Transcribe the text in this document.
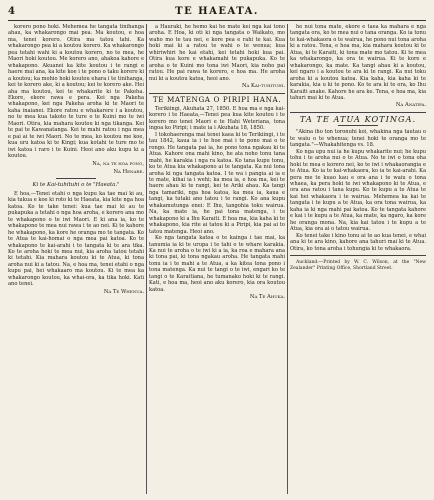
4	TE HAEATA.

korero pono hoki. Mehemea he tangata tinihanga ahau, ka whakarongo mai pea. Ma koutou, e hoa ma, tenei korero. Otira ma tatou tahi. Ka whakarongo pea ki a koutou korero. Ka whakarongo pea tetahi wahi ki a koutou korero, no te mea, he Maori hoki koutou. Me korero ano, ahakoa kahore e whakapono. Akuanei ka kite koutou i te rangi e haere mai ana, ka kite koe i te pono o taku korero ki a koutou; ka mohio hoki koutou ehara i te tinihanga, kei te korero ake, ki a koutou; kei te korero ake. Hei aha ma koutou, kei te whakarite ki te Pakeha. Ekore, ekore rawa e pera. Kei nga Pakeha whakapono, kei nga Pakeha aroha ki te Maori te kaha inaianei. Ekore ratou e whakarere i a koutou, no te mea kua takoto te ture o te Kuini mo te iwi Maori. Otira, kia mahara koutou ki nga tikanga. Kei te pai te Kawanatanga. Kei te mahi ratou i nga mea e pai ai te iwi Maori. No te mea, ko koutou me koe, kua uru katoa ki te Kingi; kua kotahi te ture mo te iwi katoa i raro i te Kuini. Heoi ano aku kupu ki a koutou.

Na, na te hoa pono,
Na Henare.
Ki te Kai-tuhituhi o te "Haeata."

E hoa,—Tenei etahi o nga kupu ka tae mai ki au, kia tukua e koe ki roto ki te Haeata, kia kite nga hoa katoa. Ko te take tenei: kua tae mai ki au te pukapuka a tetahi o nga hoa aroha, e korero ana mo te whakapono o te iwi Maori. E ki ana ia, ko te whakapono te mea nui rawa i te ao nei. Ki te kahore he whakapono, ka kore he oranga mo te tangata. Ko te Atua te kai-homai o nga mea pai katoa. Ko te whakapono te kai-arahi i te tangata ki te ara tika. Ko te aroha hoki te mea nui, kia aroha tatou tetahi ki tetahi. Kia mahara koutou ki te Atua, ki tona aroha nui ki a tatou. Na, e hoa ma, tenei etahi o nga kupu pai, hei whakaaro ma koutou. Ki te mea ka whakarongo koutou, ka whai-ora, ka tika hoki. Kati ano tenei.

Na Te Whenua.

a Hauraki, he hemo kai he mate kei nga kai tono aroha. E Hoa, ki oti ki nga tangata o Waikato, mo waho mo te tau nei, e kore pea e rahi te kai. Kua hoki mai ki a ratou te wahi o te wenua; kua whiriwhiri he kai etahi, kei tetahi hoki kua pai. Otira kua kore e whakamahi te pukapuka. Ko te aroha o te Kuini mo tona iwi Maori, kia noho pai ratou. He pai rawa te korero, e hoa ma. He aroha nui ki a koutou katoa, heoi ano.

Na Kai-tuhituhi.
TE MATENGA O PIRIPI HANA.

Terikiingi, Akuhata 27, 1850. E hoa ma e nga kai-korero i te Haeata,—Tenei pea kua kite koutou i te korero mo tenei Maori e te Hahi Weteriana, tona ingoa ko Piripi; i mate ia i Akuhata 18, 1850.

I tokohaerenga mai tenei kaea ki te Terikiingi, i te tau 1842, kaua ia i te hoe mai i te pono mai o te rongo. He tangata pai ia, he pono tona ngakau ki te Atua. Kahore ona mahi kino, he ata noho tonu tana mahi, he karakia i nga ra katoa. Ko tana kupu tonu, ko te Atua kia whakapono ai te tangata. Ka nui tona aroha ki nga tangata katoa. I te wa i pangia ai ia e te mate, kihai ia i wehi; ka mea ia, e hoa ma, kei te haere ahau ki te rangi, kei te Ariki ahau. Ka tangi nga tamariki, nga hoa katoa, ka mea ia, kaua e tangi, ka tutaki ano tatou i te rangi. Ko ana kupu whakamutunga enei: E Ihu, tangohia toku wairua. Na, ka mate ia, he pai tona matenga, i te whakapono ki a Ihu Karaiti. E hoa ma, kia kaha ki te whakapono, kia rite ai tatou ki a Piripi, kia pai ai to tatou matenga. Heoi ano.

Ko nga tangata katoa o te kainga i tae mai, ka tanumia ia ki te urupa i te tahi o te whare karakia. Ka nui te aroha o te iwi ki a ia, ka roa e mahara ana ki tona pai, ki tona ngakau aroha. He tangata mahi tonu ia i te mahi a te Atua, a ka kitea tona pono i tona matenga. Ka nui te tangi o te iwi, engari ko te tangi o te Karaitiana, he tumanako hoki ki te rangi. Kati, e hoa ma, heoi ano aku korero, kia ora koutou katoa.

Na Te Ahuka.

he nui tona mate, ekore e taea ka mahara e nga tangata ora, ko te mea nui o tana oranga. Ko ia tonu te kai-whakaora o te wairua, he pono nui tona aroha ki a ratou. Tena, e hoa ma, kia mahara koutou ki te Atua, ki te Karaiti, ki tona mate mo tatou. Ki te mea ka whakarongo, ka ora te wairua. Ki te kore e whakarongo, ka mate. Ka tangi ahau ki a koutou, kei ngaro i a koutou te ara ki te rangi. Ka nui toku aroha ki a koutou katoa. Kia kaha, kia kaha ki te karakia, kia u ki te pono. Ko te ara ki te ora, ko Ihu Karaiti anake. Kahore he ara ke. Tena, e hoa ma, kia tahuri mai ki te Atua.

Na Anatipa.
TA TE ATUA KOTINGA.

"Akina iho ton toronuhi koi, whakina nga tautau o te waiu o te whenua; tenei hoki te oranga mo te tangata."—Whakahitenga vs. 18.

Ko nga upu nui ia he kupu whakarite nui; he kupu tohu i te aroha nui o te Atua. No te iwi o tona oha hoki te mea e korero nei, ko te iwi i whakaorangia e te Atua. Ko ia te kai-whakaora, ko ia te kai-arahi. Ka pera me te kuao kau e ora ana i te waiu o tona whaea, ka pera hoki te iwi whakapono ki te Atua, e ora ana ratou i tana kupu. Ko te kupu a te Atua te kai hei whakaora i te wairua. Mehemea ka kai te tangata i te kupu a te Atua, ka ora tona wairua, ka kaha ia ki nga mahi pai katoa. Ko te tangata kahore e kai i te kupu a te Atua, ka mate, ka ngaro, ka kore he oranga mona. Na, kia kai tatou i te kupu a te Atua, kia ora ai o tatou wairua.

Ko tenei take i kino tonu ai te ao kua tenei, e whai ana ki te ara kino, kahore ana tahuri mai ki te Atua. Otira, ko tona aroha i tohungia ki te whakaora.

Auckland:—Printed by W. C. Wilson, at the "New Zealander" Printing Office, Shortland Street.
